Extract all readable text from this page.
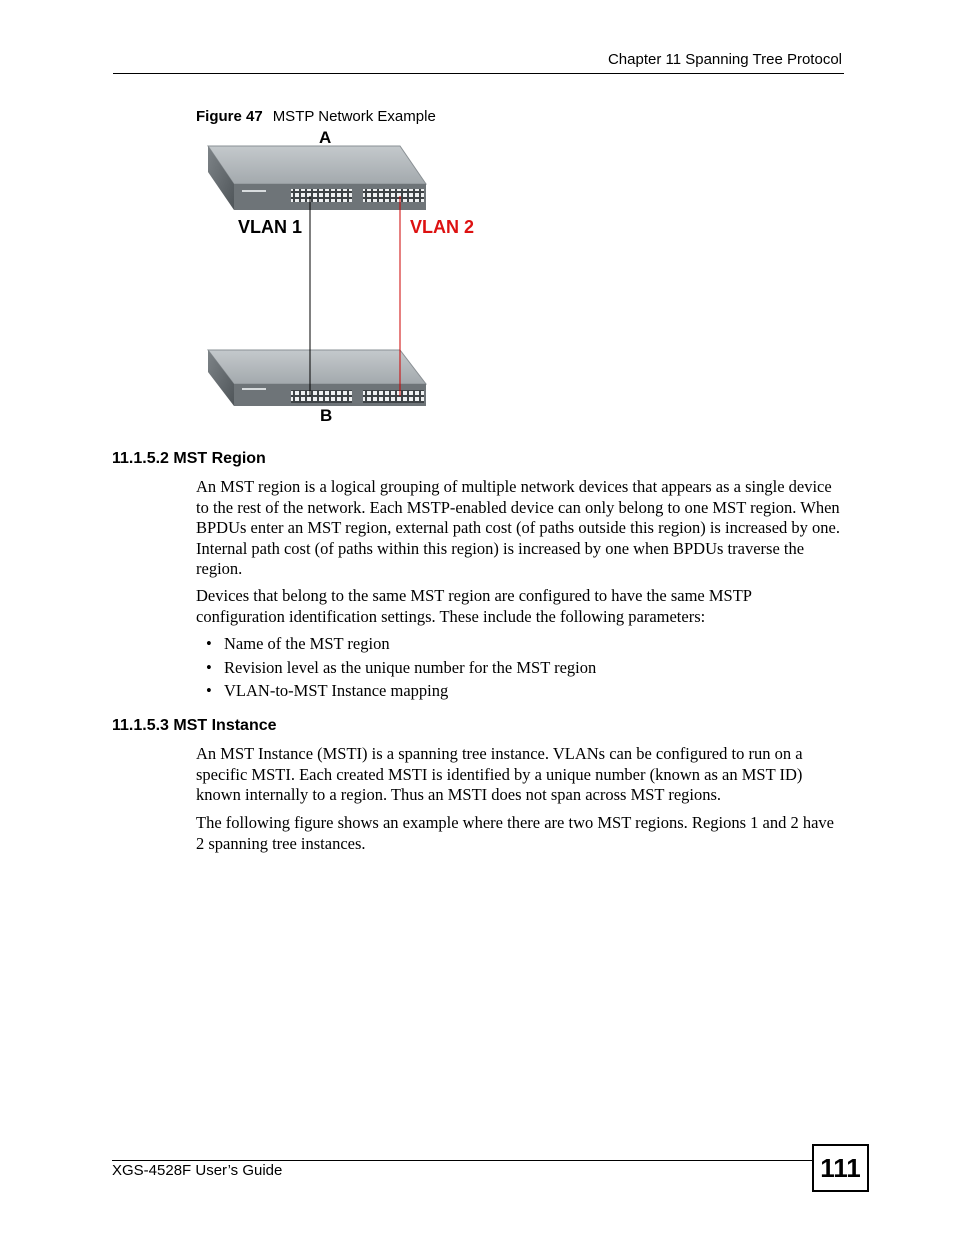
Chapter 11 Spanning Tree Protocol
Figure 47 MSTP Network Example
A
VLAN 1	VLAN 2
B
11.1.5.2 MST Region
An MST region is a logical grouping of multiple network devices that appears as a single device to the rest of the network. Each MSTP-enabled device can only belong to one MST region. When BPDUs enter an MST region, external path cost (of paths outside this region) is increased by one. Internal path cost (of paths within this region) is increased by one when BPDUs traverse the region.
Devices that belong to the same MST region are configured to have the same MSTP configuration identification settings. These include the following parameters:
• Name of the MST region
• Revision level as the unique number for the MST region
• VLAN-to-MST Instance mapping
11.1.5.3 MST Instance
An MST Instance (MSTI) is a spanning tree instance. VLANs can be configured to run on a specific MSTI. Each created MSTI is identified by a unique number (known as an MST ID) known internally to a region. Thus an MSTI does not span across MST regions.
The following figure shows an example where there are two MST regions. Regions 1 and 2 have 2 spanning tree instances.
XGS-4528F User’s Guide	111
